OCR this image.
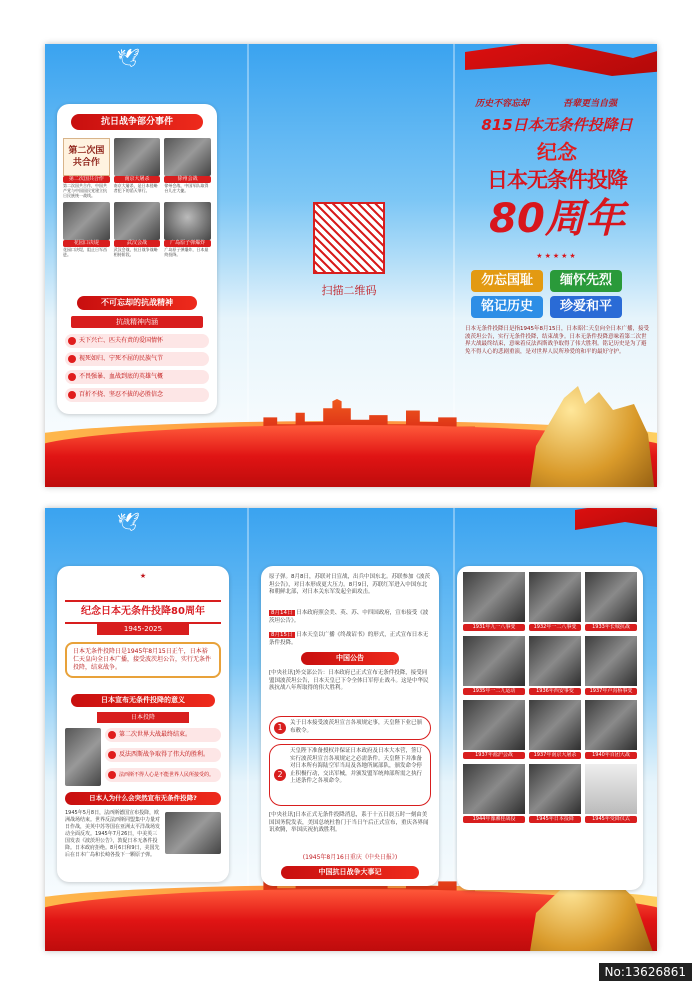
🕊
抗日战争部分事件
第二次国共合作
第二次国共合作
第二次国共合作，中国共产党与中国国民党建立抗日民族统一战线。
南京大屠杀
南京大屠杀，是日本侵略者犯下的滔天罪行。
徐州会战
徐州会战，中国军队取得台儿庄大捷。
花园口决堤
花园口决堤，阻止日军西进。
武汉会战
武汉会战，抗日战争战略相持阶段。
广岛原子弹爆炸
广岛原子弹爆炸，日本最终投降。
不可忘却的抗战精神
抗战精神内涵
天下兴亡、匹夫有责的爱国情怀
视死如归、宁死不屈的民族气节
不畏强暴、血战到底的英雄气概
百折不挠、坚忍不拔的必胜信念
扫描二维码
历史不容忘却	吾辈更当自强
815日本无条件投降日
纪念
日本无条件投降
80周年
★★★★★
勿忘国耻	缅怀先烈
铭记历史	珍爱和平
日本无条件投降日是指1945年8月15日，日本昭仁天皇向全日本广播，接受波茨坦公告，实行无条件投降，结束战争。日本无条件投降意味着第二次世界大战最终结束，意味着反法西斯战争取得了伟大胜利。铭记历史是为了避免不得人心的悲剧重演，是对世界人民所珍爱的和平的最好守护。
🕊
★
纪念日本无条件投降80周年
1945-2025
日本无条件投降日是1945年8月15日正午，日本裕仁天皇向全日本广播，接受波茨坦公告，实行无条件投降，结束战争。
日本宣布无条件投降的意义
日本投降
第二次世界大战最终结束。
反法西斯战争取得了伟大的胜利。
法西斯不得人心是不能世界人民所接受的。
日本人为什么会突然宣布无条件投降?
1945年5月8日，法西斯德国宣布投降，欧洲战场结束。世界反法西斯同盟集中力量对日作战，美英中苏等国在亚洲太平洋战场发动全面反攻。1945年7月26日，中美英三国发表《波茨坦公告》，敦促日本无条件投降。日本政府拒绝。8月6日和9日，美国先后在日本广岛和长崎各投下一颗原子弹。
原子弹。8月8日，苏联对日宣战，出兵中国东北。苏联参加《波茨坦公告》，对日本形成更大压力。8月9日，苏联红军进入中国东北和朝鲜北部，对日本关东军发起全面攻击。
8月14日 日本政府照会美、英、苏、中四国政府，宣布接受《波茨坦公告》。
8月15日 日本天皇以广播《终战诏书》的形式，正式宣布日本无条件投降。
中国公告
[中央社讯]外交部公告：日本政府已正式宣布无条件投降，接受同盟国波茨坦公告，日本天皇已下令全体日军停止战斗。这是中华民族抗战八年所取得的伟大胜利。
1	关于日本接受波茨坦宣言各项规定事，天皇陛下业已颁布敕令。
2
天皇陛下准备授权并保证日本政府及日本大本营，签订实行波茨坦宣言各项规定之必需条件。天皇陛下并准备对日本所有海陆空军当局及各地所属部队，颁发命令停止积极行动，交出军械，并颁发盟军统帅部所需之执行上述条件之各项命令。
[中央社讯]日本正式无条件投降消息，系于十五日晨五时一刻由美国国务院发表，美国总统杜鲁门于当日午后正式宣布，重庆各界闻讯欢腾，举国庆祝抗战胜利。
(1945年8月16日重庆《中央日报》)
中国抗日战争大事记
1931年九一八事变	1932年一二八事变	1933年长城抗战
1935年一二九运动	1936年西安事变	1937年卢沟桥事变
1937年淞沪会战	1937年南京大屠杀	1940年百团大战
1944年豫湘桂战役	1945年日本投降	1945年受降仪式
No:13626861
